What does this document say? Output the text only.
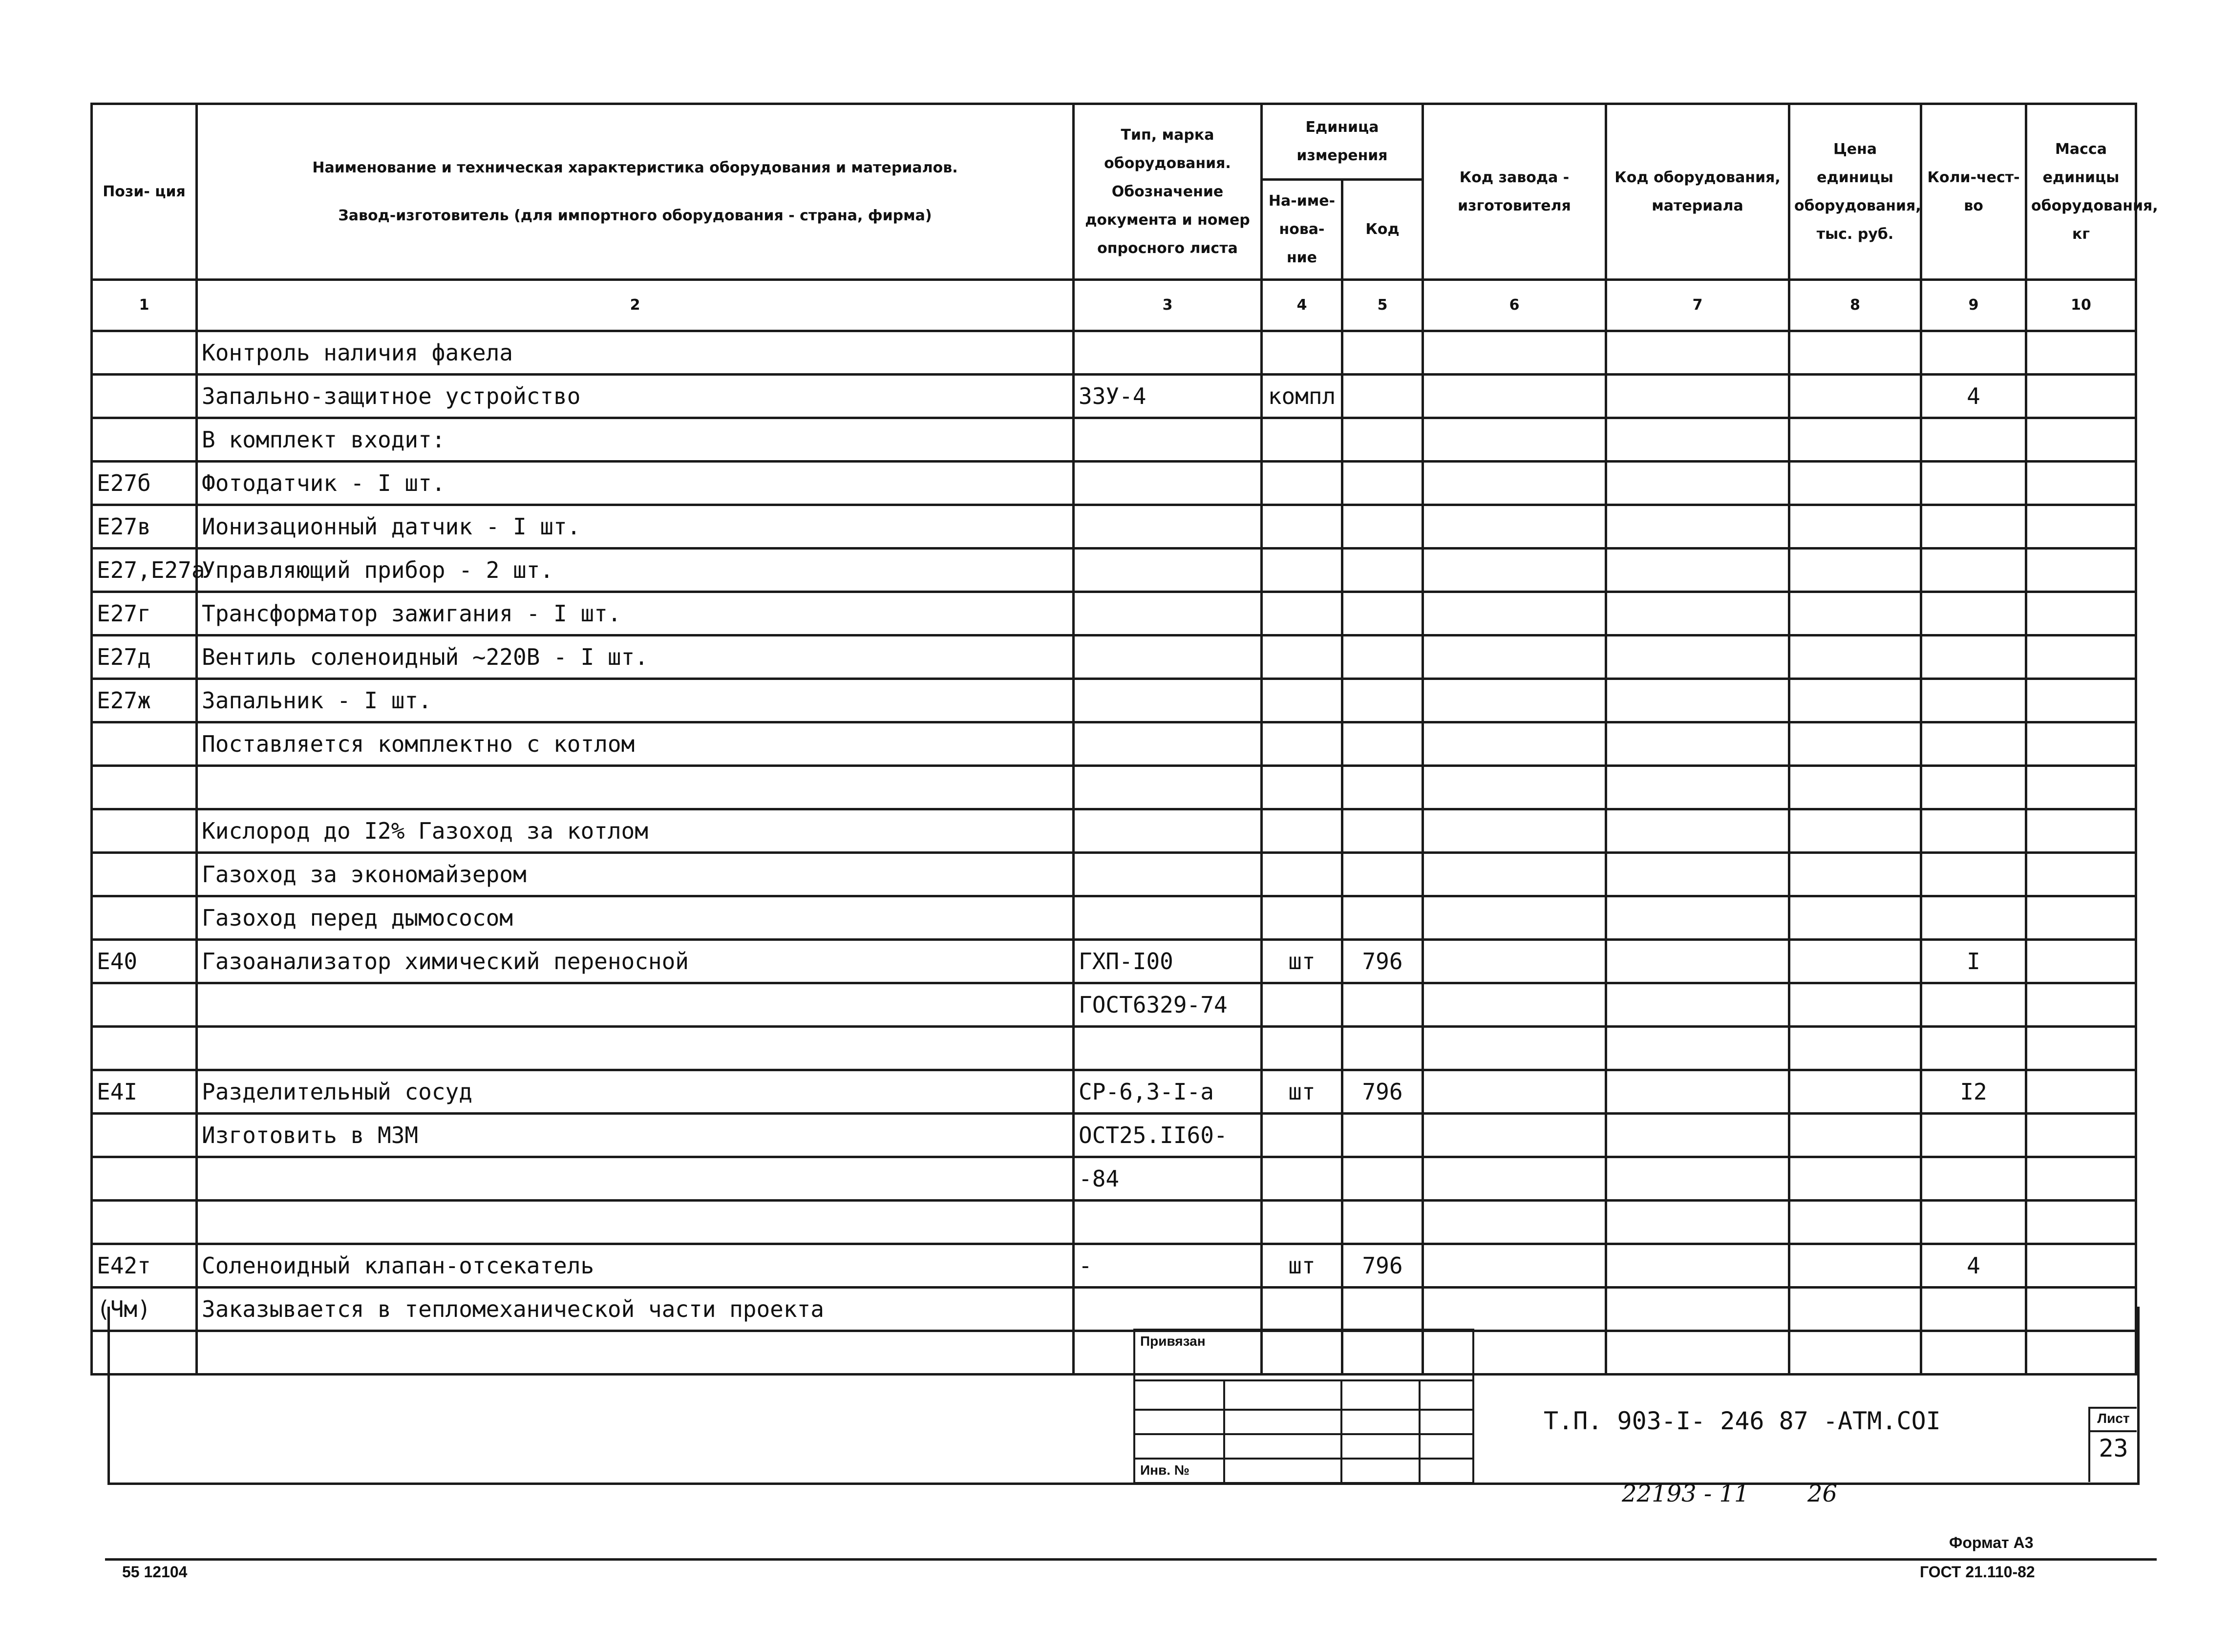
Пози- ция	Наименование и техническая характеристика оборудования и материалов.
Завод-изготовитель (для импортного оборудования - страна, фирма)	Тип, марка оборудования. Обозначение документа и номер опросного листа	Единица измерения		Код завода - изготовителя	Код оборудования, материала	Цена единицы оборудования, тыс. руб.	Коли-чест-во	Масса единицы оборудования, кг
			На-име-нова-ние	Код					
1	2	3	4	5	6	7	8	9	10
	Контроль наличия факела								
	Запально-защитное устройство	ЗЗУ-4	компл					4	
	В комплект входит:								
Е27б	Фотодатчик - I шт.								
Е27в	Ионизационный датчик - I шт.								
Е27,Е27а	Управляющий прибор - 2 шт.								
Е27г	Трансформатор зажигания - I шт.								
Е27д	Вентиль соленоидный ~220В - I шт.								
Е27ж	Запальник - I шт.								
	Поставляется комплектно с котлом								

	Кислород до I2% Газоход за котлом								
	Газоход за экономайзером								
	Газоход перед дымососом								
Е40	Газоанализатор химический переносной	ГХП-I00	шт	796				I	
		ГОСТ6329-74							

Е4I	Разделительный сосуд	СР-6,3-I-а	шт	796				I2	
	Изготовить в МЗМ	ОСТ25.II60-							
		-84							

Е42т	Соленоидный клапан-отсекатель	-	шт	796				4	
(Чм)	Заказывается в тепломеханической части проекта								

Привязан
Инв. №
Т.П. 903-I- 246 87 -АТМ.СОI	Лист
23
22193 - 11 26
Формат А3
55 12104	ГОСТ 21.110-82
